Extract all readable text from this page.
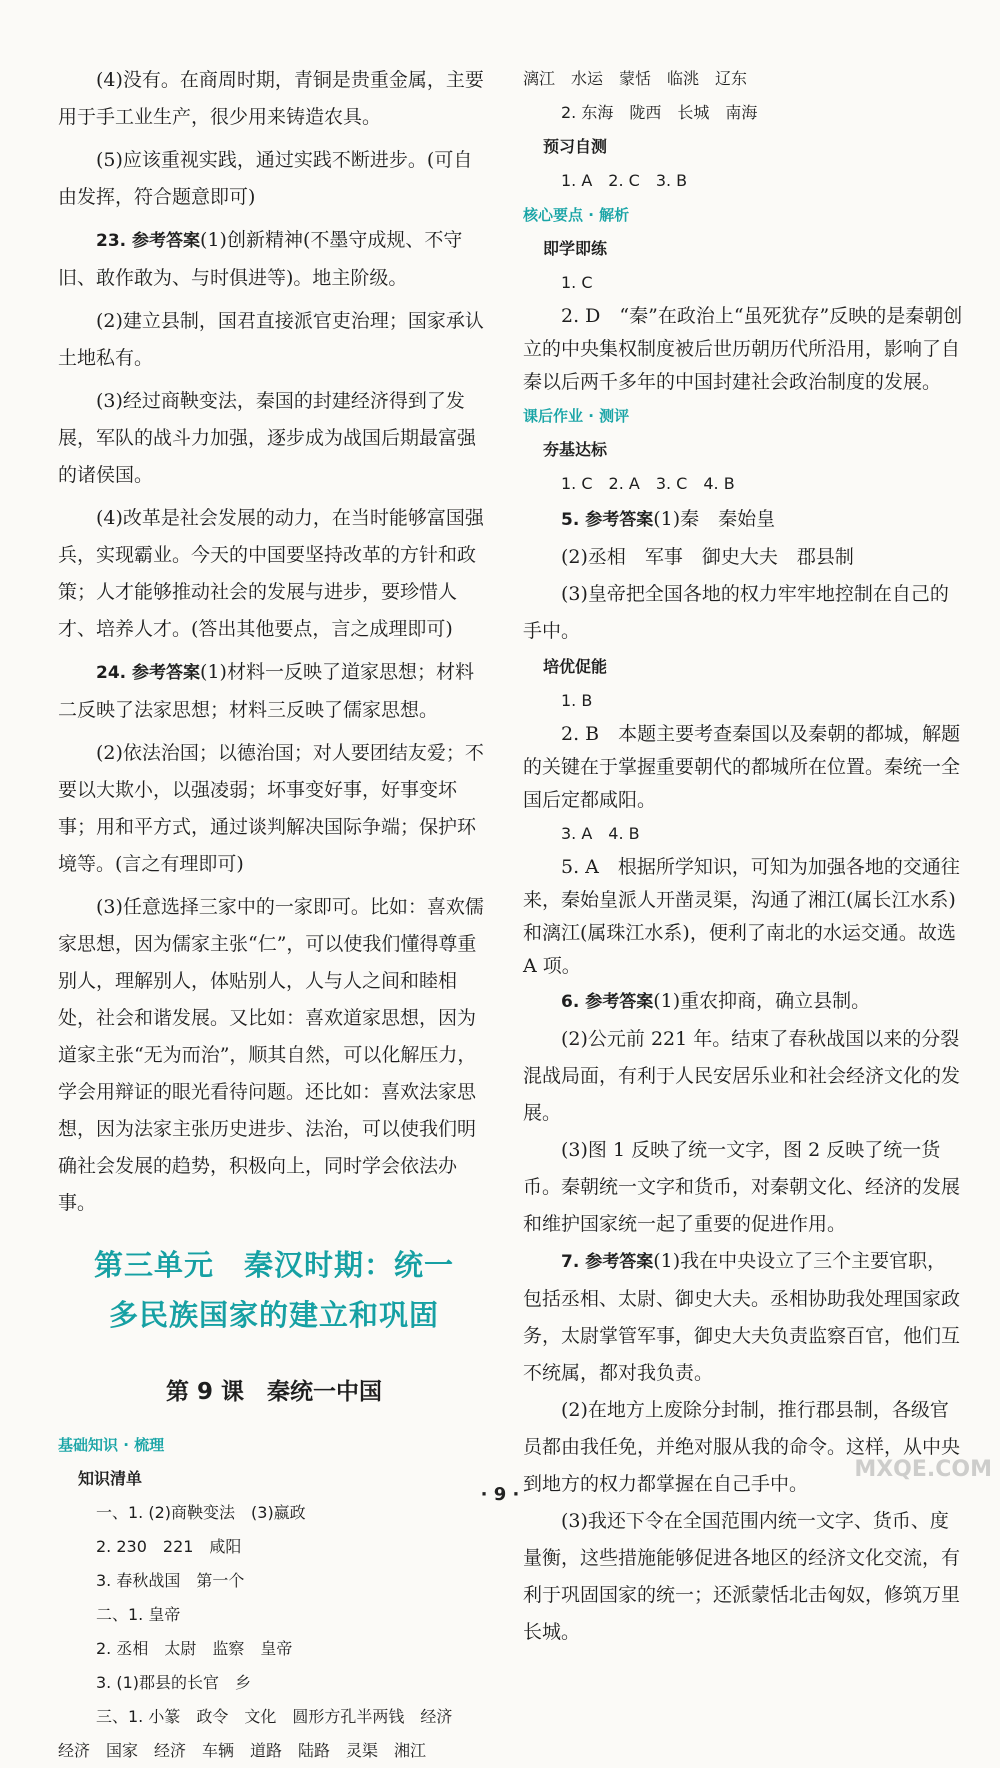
(4)没有。在商周时期，青铜是贵重金属，主要用于手工业生产，很少用来铸造农具。

(5)应该重视实践，通过实践不断进步。(可自由发挥，符合题意即可)

23. 参考答案(1)创新精神(不墨守成规、不守旧、敢作敢为、与时俱进等)。地主阶级。

(2)建立县制，国君直接派官吏治理；国家承认土地私有。

(3)经过商鞅变法，秦国的封建经济得到了发展，军队的战斗力加强，逐步成为战国后期最富强的诸侯国。

(4)改革是社会发展的动力，在当时能够富国强兵，实现霸业。今天的中国要坚持改革的方针和政策；人才能够推动社会的发展与进步，要珍惜人才、培养人才。(答出其他要点，言之成理即可)

24. 参考答案(1)材料一反映了道家思想；材料二反映了法家思想；材料三反映了儒家思想。

(2)依法治国；以德治国；对人要团结友爱；不要以大欺小，以强凌弱；坏事变好事，好事变坏事；用和平方式，通过谈判解决国际争端；保护环境等。(言之有理即可)

(3)任意选择三家中的一家即可。比如：喜欢儒家思想，因为儒家主张“仁”，可以使我们懂得尊重别人，理解别人，体贴别人，人与人之间和睦相处，社会和谐发展。又比如：喜欢道家思想，因为道家主张“无为而治”，顺其自然，可以化解压力，学会用辩证的眼光看待问题。还比如：喜欢法家思想，因为法家主张历史进步、法治，可以使我们明确社会发展的趋势，积极向上，同时学会依法办事。

第三单元　秦汉时期：统一
多民族国家的建立和巩固
第 9 课　秦统一中国
基础知识 · 梳理
知识清单
一、1. (2)商鞅变法　(3)嬴政
2. 230　221　咸阳
3. 春秋战国　第一个
二、1. 皇帝
2. 丞相　太尉　监察　皇帝
3. (1)郡县的长官　乡
三、1. 小篆　政令　文化　圆形方孔半两钱　经济
经济　国家　经济　车辆　道路　陆路　灵渠　湘江
漓江　水运　蒙恬　临洮　辽东
2. 东海　陇西　长城　南海
预习自测
1. A　2. C　3. B
核心要点 · 解析
即学即练
1. C

2. D　“秦”在政治上“虽死犹存”反映的是秦朝创立的中央集权制度被后世历朝历代所沿用，影响了自秦以后两千多年的中国封建社会政治制度的发展。

课后作业 · 测评
夯基达标
1. C　2. A　3. C　4. B

5. 参考答案(1)秦　秦始皇

(2)丞相　军事　御史大夫　郡县制

(3)皇帝把全国各地的权力牢牢地控制在自己的手中。

培优促能
1. B

2. B　本题主要考查秦国以及秦朝的都城，解题的关键在于掌握重要朝代的都城所在位置。秦统一全国后定都咸阳。

3. A　4. B

5. A　根据所学知识，可知为加强各地的交通往来，秦始皇派人开凿灵渠，沟通了湘江(属长江水系)和漓江(属珠江水系)，便利了南北的水运交通。故选 A 项。

6. 参考答案(1)重农抑商，确立县制。

(2)公元前 221 年。结束了春秋战国以来的分裂混战局面，有利于人民安居乐业和社会经济文化的发展。

(3)图 1 反映了统一文字，图 2 反映了统一货币。秦朝统一文字和货币，对秦朝文化、经济的发展和维护国家统一起了重要的促进作用。

7. 参考答案(1)我在中央设立了三个主要官职，包括丞相、太尉、御史大夫。丞相协助我处理国家政务，太尉掌管军事，御史大夫负责监察百官，他们互不统属，都对我负责。

(2)在地方上废除分封制，推行郡县制，各级官员都由我任免，并绝对服从我的命令。这样，从中央到地方的权力都掌握在自己手中。

(3)我还下令在全国范围内统一文字、货币、度量衡，这些措施能够促进各地区的经济文化交流，有利于巩固国家的统一；还派蒙恬北击匈奴，修筑万里长城。

· 9 ·
MXQE.COM
